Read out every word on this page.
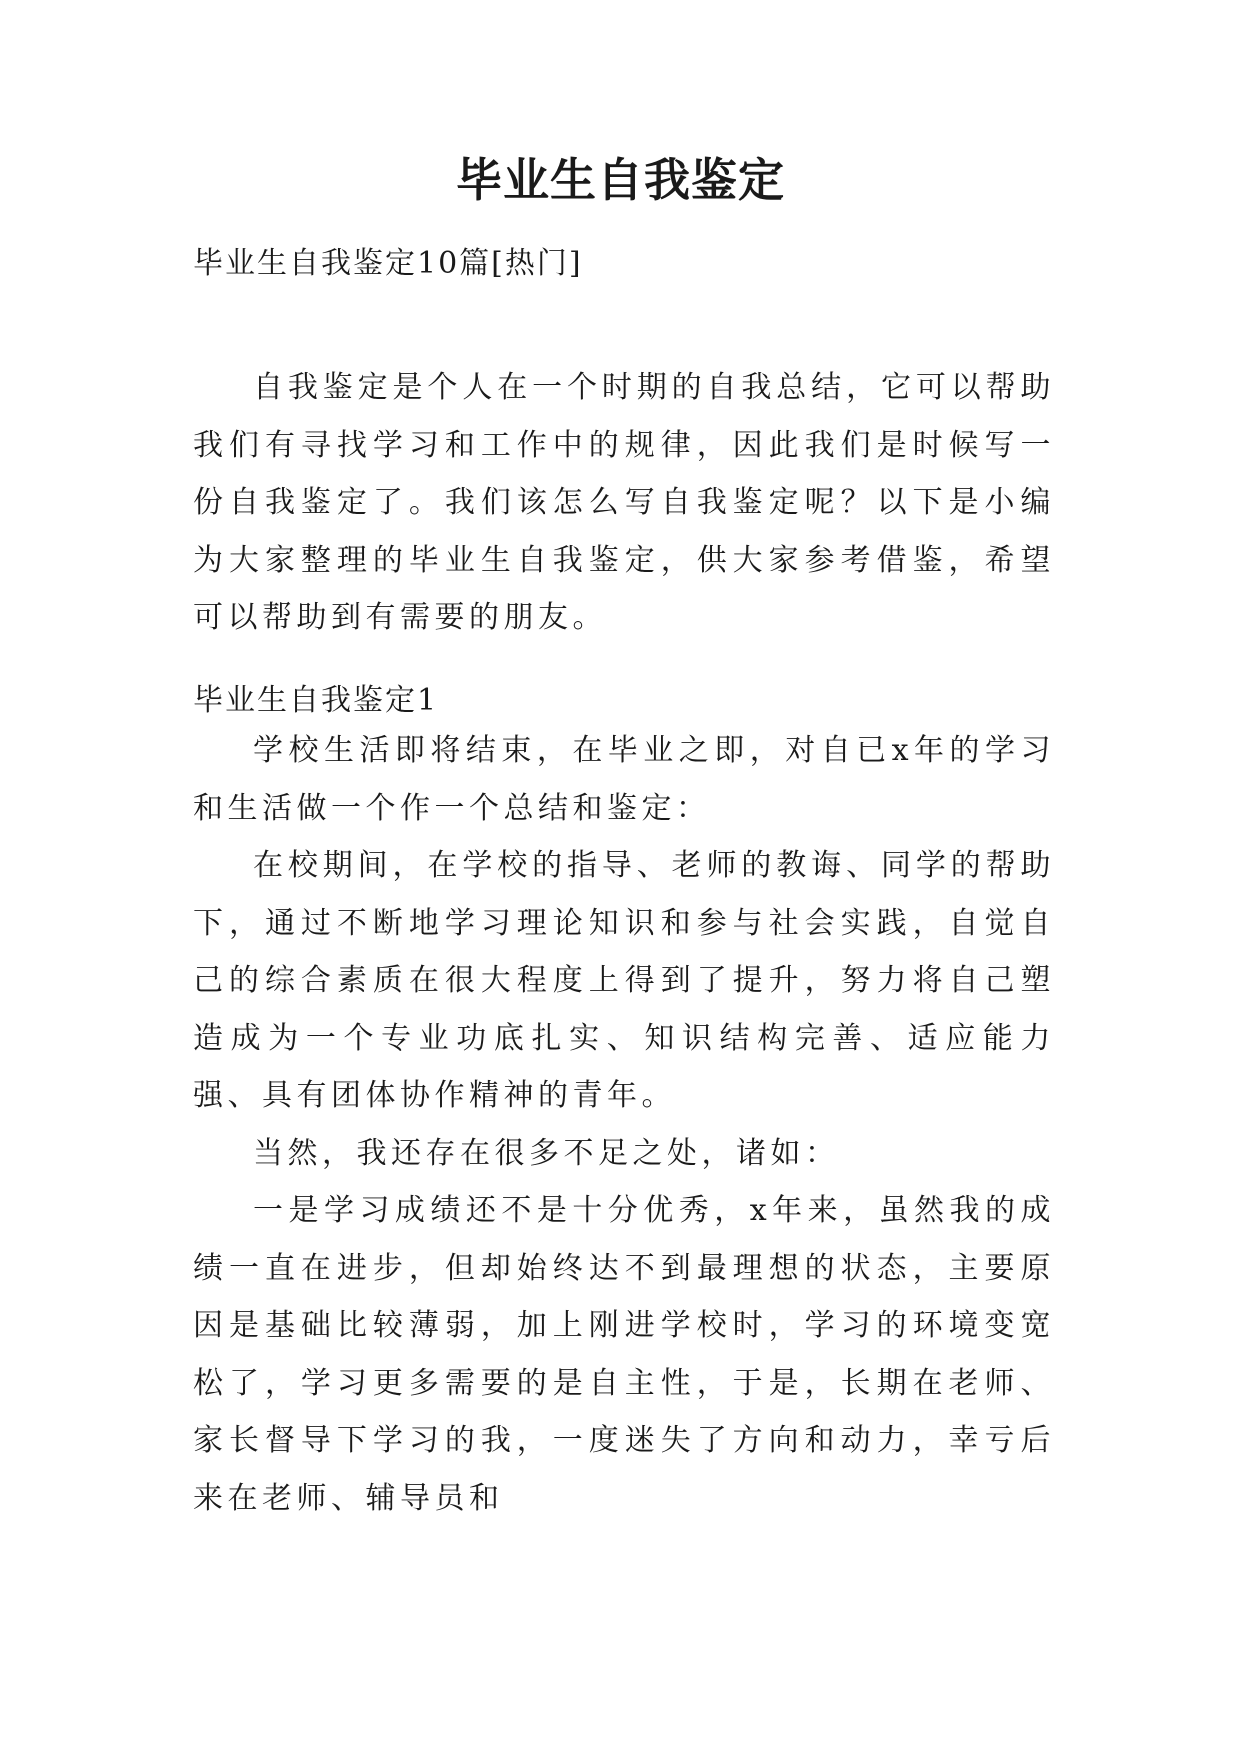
毕业生自我鉴定
毕业生自我鉴定10篇[热门]

自我鉴定是个人在一个时期的自我总结，它可以帮助我们有寻找学习和工作中的规律，因此我们是时候写一份自我鉴定了。我们该怎么写自我鉴定呢？以下是小编为大家整理的毕业生自我鉴定，供大家参考借鉴，希望可以帮助到有需要的朋友。

毕业生自我鉴定1

学校生活即将结束，在毕业之即，对自已x年的学习和生活做一个作一个总结和鉴定：

在校期间，在学校的指导、老师的教诲、同学的帮助下，通过不断地学习理论知识和参与社会实践，自觉自己的综合素质在很大程度上得到了提升，努力将自己塑造成为一个专业功底扎实、知识结构完善、适应能力强、具有团体协作精神的青年。

当然，我还存在很多不足之处，诸如：

一是学习成绩还不是十分优秀，x年来，虽然我的成绩一直在进步，但却始终达不到最理想的状态，主要原因是基础比较薄弱，加上刚进学校时，学习的环境变宽松了，学习更多需要的是自主性，于是，长期在老师、家长督导下学习的我，一度迷失了方向和动力，幸亏后来在老师、辅导员和
